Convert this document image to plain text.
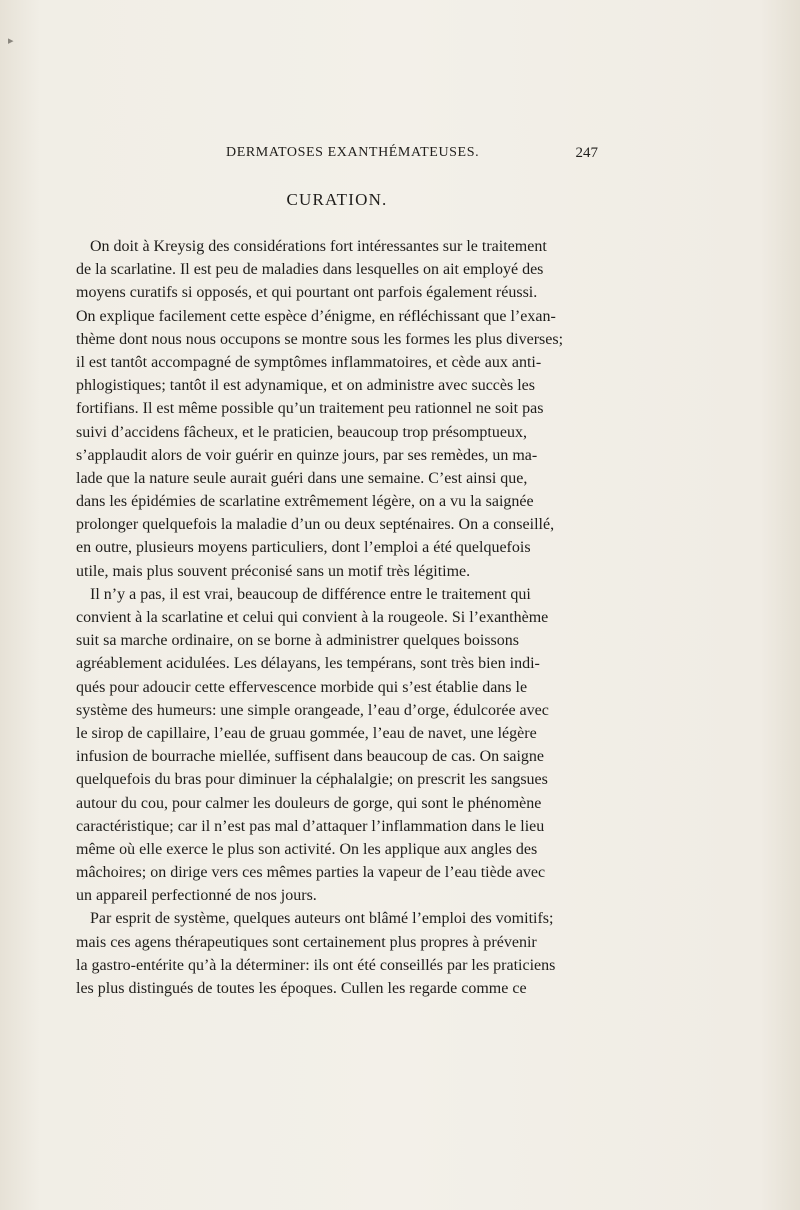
▸
DERMATOSES EXANTHÉMATEUSES.	247
CURATION.
On doit à Kreysig des considérations fort intéressantes sur le traitement
de la scarlatine. Il est peu de maladies dans lesquelles on ait employé des
moyens curatifs si opposés, et qui pourtant ont parfois également réussi.
On explique facilement cette espèce d’énigme, en réfléchissant que l’exan-
thème dont nous nous occupons se montre sous les formes les plus diverses;
il est tantôt accompagné de symptômes inflammatoires, et cède aux anti-
phlogistiques; tantôt il est adynamique, et on administre avec succès les
fortifians. Il est même possible qu’un traitement peu rationnel ne soit pas
suivi d’accidens fâcheux, et le praticien, beaucoup trop présomptueux,
s’applaudit alors de voir guérir en quinze jours, par ses remèdes, un ma-
lade que la nature seule aurait guéri dans une semaine. C’est ainsi que,
dans les épidémies de scarlatine extrêmement légère, on a vu la saignée
prolonger quelquefois la maladie d’un ou deux septénaires. On a conseillé,
en outre, plusieurs moyens particuliers, dont l’emploi a été quelquefois
utile, mais plus souvent préconisé sans un motif très légitime.
Il n’y a pas, il est vrai, beaucoup de différence entre le traitement qui
convient à la scarlatine et celui qui convient à la rougeole. Si l’exanthème
suit sa marche ordinaire, on se borne à administrer quelques boissons
agréablement acidulées. Les délayans, les tempérans, sont très bien indi-
qués pour adoucir cette effervescence morbide qui s’est établie dans le
système des humeurs: une simple orangeade, l’eau d’orge, édulcorée avec
le sirop de capillaire, l’eau de gruau gommée, l’eau de navet, une légère
infusion de bourrache miellée, suffisent dans beaucoup de cas. On saigne
quelquefois du bras pour diminuer la céphalalgie; on prescrit les sangsues
autour du cou, pour calmer les douleurs de gorge, qui sont le phénomène
caractéristique; car il n’est pas mal d’attaquer l’inflammation dans le lieu
même où elle exerce le plus son activité. On les applique aux angles des
mâchoires; on dirige vers ces mêmes parties la vapeur de l’eau tiède avec
un appareil perfectionné de nos jours.
Par esprit de système, quelques auteurs ont blâmé l’emploi des vomitifs;
mais ces agens thérapeutiques sont certainement plus propres à prévenir
la gastro-entérite qu’à la déterminer: ils ont été conseillés par les praticiens
les plus distingués de toutes les époques. Cullen les regarde comme ce
